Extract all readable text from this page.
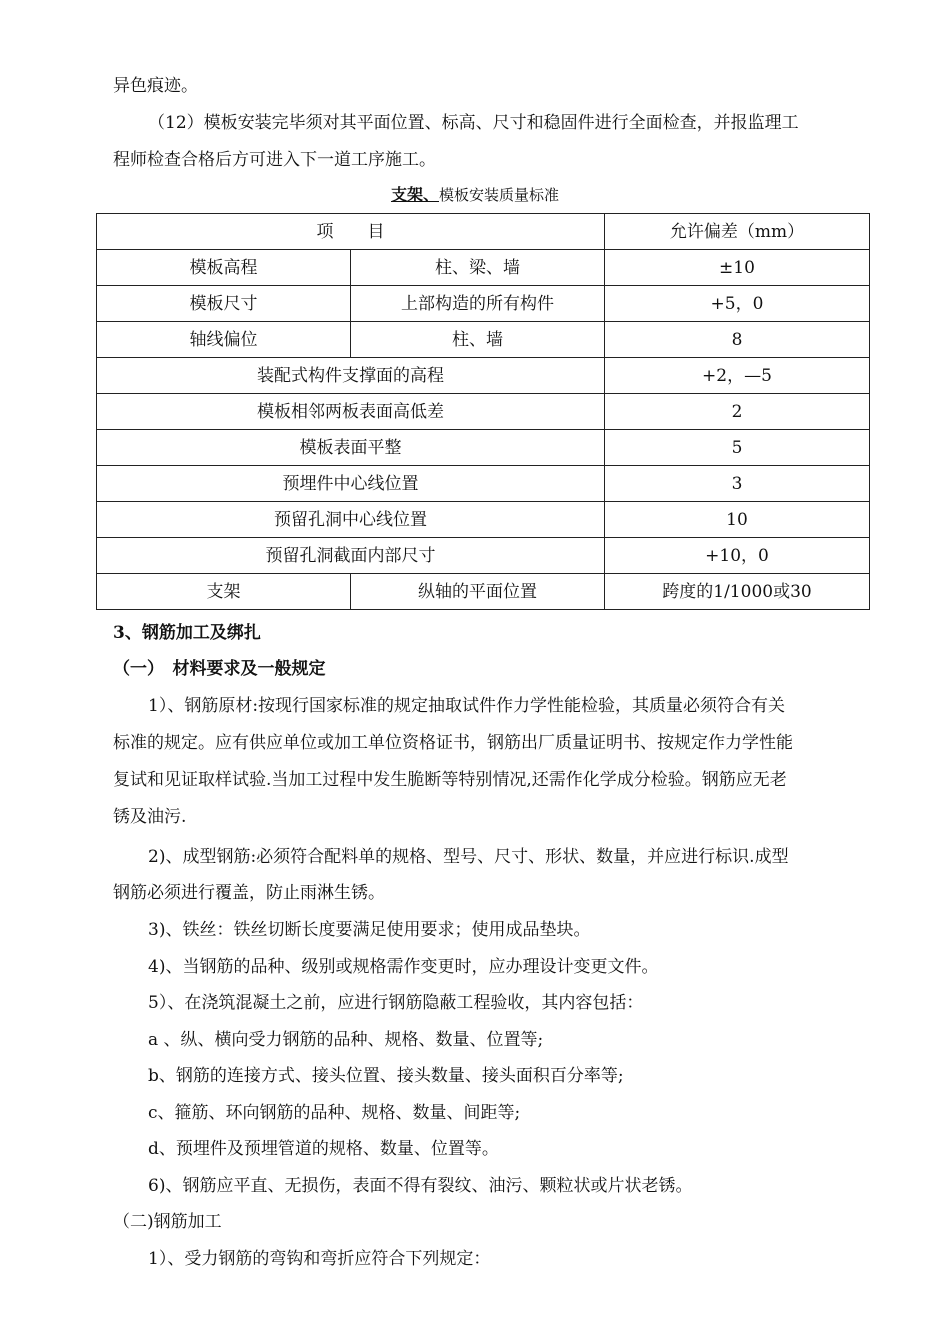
异色痕迹。
（12）模板安装完毕须对其平面位置、标高、尺寸和稳固件进行全面检查，并报监理工
程师检查合格后方可进入下一道工序施工。
支架、模板安装质量标准
项　　目		允许偏差（mm）
模板高程	柱、梁、墙	±10
模板尺寸	上部构造的所有构件	+5，0
轴线偏位	柱、墙	8
装配式构件支撑面的高程		+2，—5
模板相邻两板表面高低差		2
模板表面平整		5
预埋件中心线位置		3
预留孔洞中心线位置		10
预留孔洞截面内部尺寸		+10，0
支架	纵轴的平面位置	跨度的1/1000或30
3、钢筋加工及绑扎
（一）　材料要求及一般规定
1）、钢筋原材:按现行国家标准的规定抽取试件作力学性能检验，其质量必须符合有关
标准的规定。应有供应单位或加工单位资格证书，钢筋出厂质量证明书、按规定作力学性能
复试和见证取样试验.当加工过程中发生脆断等特别情况,还需作化学成分检验。钢筋应无老
锈及油污.
2)、成型钢筋:必须符合配料单的规格、型号、尺寸、形状、数量，并应进行标识.成型
钢筋必须进行覆盖，防止雨淋生锈。
3)、铁丝：铁丝切断长度要满足使用要求；使用成品垫块。
4)、当钢筋的品种、级别或规格需作变更时，应办理设计变更文件。
5）、在浇筑混凝土之前，应进行钢筋隐蔽工程验收，其内容包括：
a 、纵、横向受力钢筋的品种、规格、数量、位置等;
b、钢筋的连接方式、接头位置、接头数量、接头面积百分率等;
c、箍筋、环向钢筋的品种、规格、数量、间距等;
d、预埋件及预埋管道的规格、数量、位置等。
6)、钢筋应平直、无损伤，表面不得有裂纹、油污、颗粒状或片状老锈。
（二)钢筋加工
1）、受力钢筋的弯钩和弯折应符合下列规定：
